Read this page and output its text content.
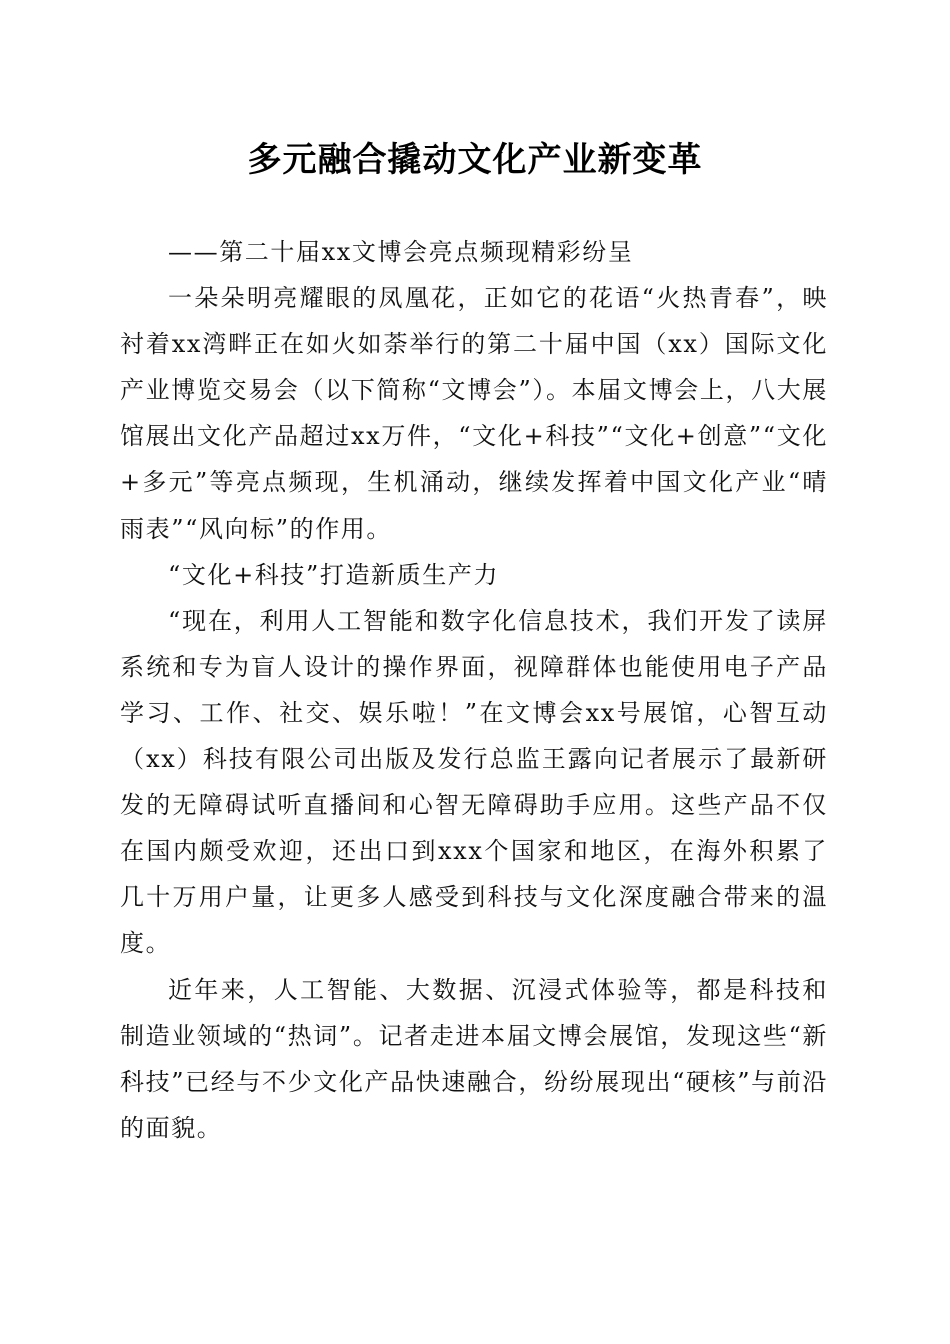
多元融合撬动文化产业新变革

——第二十届xx文博会亮点频现精彩纷呈

一朵朵明亮耀眼的凤凰花，正如它的花语“火热青春”，映衬着xx湾畔正在如火如荼举行的第二十届中国（xx）国际文化产业博览交易会（以下简称“文博会”）。本届文博会上，八大展馆展出文化产品超过xx万件，“文化+科技”“文化+创意”“文化+多元”等亮点频现，生机涌动，继续发挥着中国文化产业“晴雨表”“风向标”的作用。

“文化+科技”打造新质生产力

“现在，利用人工智能和数字化信息技术，我们开发了读屏系统和专为盲人设计的操作界面，视障群体也能使用电子产品学习、工作、社交、娱乐啦！”在文博会xx号展馆，心智互动（xx）科技有限公司出版及发行总监王露向记者展示了最新研发的无障碍试听直播间和心智无障碍助手应用。这些产品不仅在国内颇受欢迎，还出口到xxx个国家和地区，在海外积累了几十万用户量，让更多人感受到科技与文化深度融合带来的温度。

近年来，人工智能、大数据、沉浸式体验等，都是科技和制造业领域的“热词”。记者走进本届文博会展馆，发现这些“新科技”已经与不少文化产品快速融合，纷纷展现出“硬核”与前沿的面貌。
